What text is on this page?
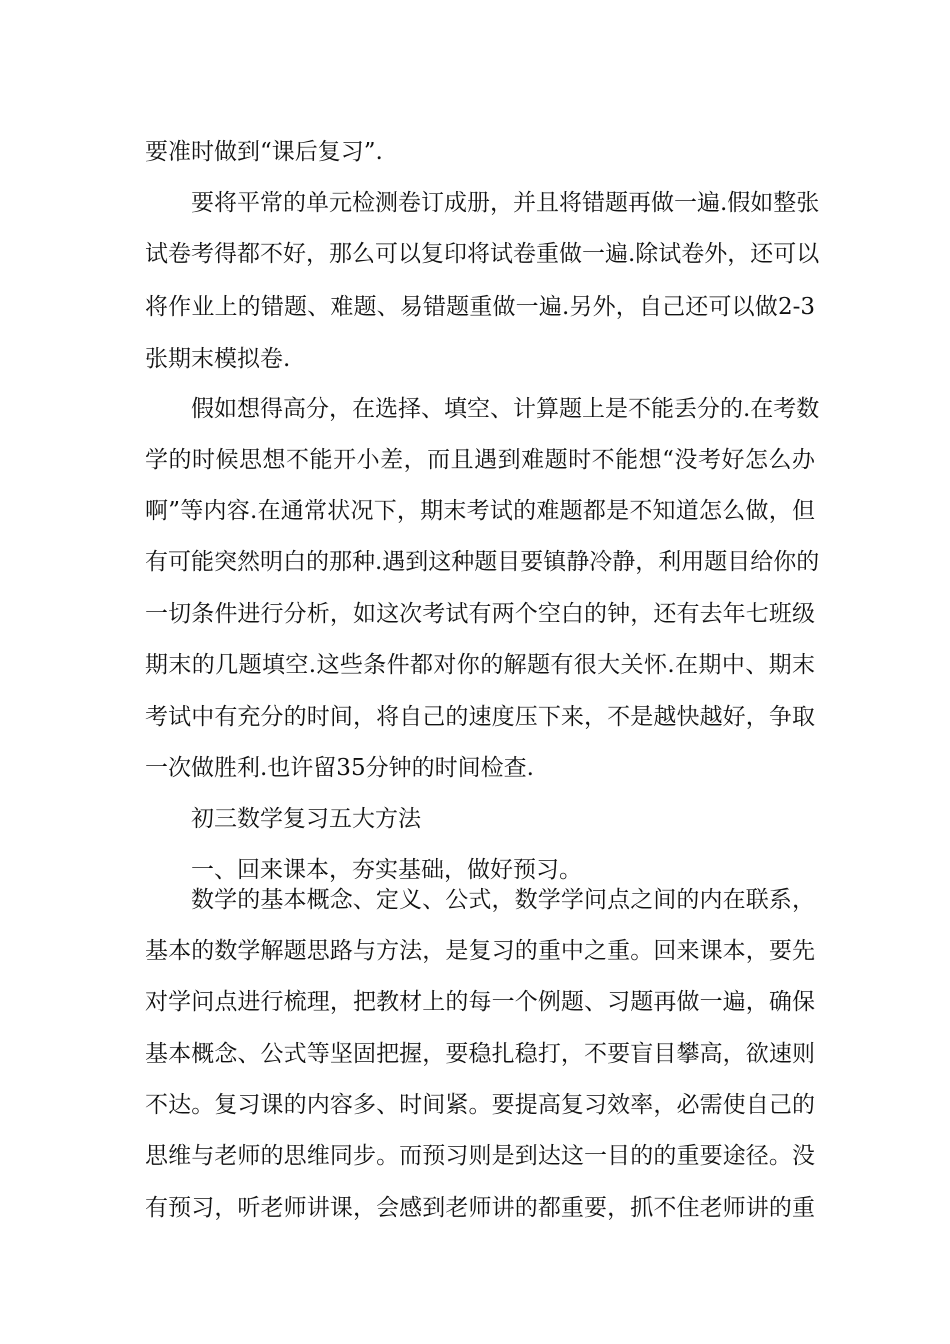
要准时做到“课后复习”.
要将平常的单元检测卷订成册，并且将错题再做一遍.假如整张
试卷考得都不好，那么可以复印将试卷重做一遍.除试卷外，还可以
将作业上的错题、难题、易错题重做一遍.另外，自己还可以做2-3
张期末模拟卷.
假如想得高分，在选择、填空、计算题上是不能丢分的.在考数
学的时候思想不能开小差，而且遇到难题时不能想“没考好怎么办
啊”等内容.在通常状况下，期末考试的难题都是不知道怎么做，但
有可能突然明白的那种.遇到这种题目要镇静冷静，利用题目给你的
一切条件进行分析，如这次考试有两个空白的钟，还有去年七班级
期末的几题填空.这些条件都对你的解题有很大关怀.在期中、期末
考试中有充分的时间，将自己的速度压下来，不是越快越好，争取
一次做胜利.也许留35分钟的时间检查.
初三数学复习五大方法
一、回来课本，夯实基础，做好预习。
数学的基本概念、定义、公式，数学学问点之间的内在联系，
基本的数学解题思路与方法，是复习的重中之重。回来课本，要先
对学问点进行梳理，把教材上的每一个例题、习题再做一遍，确保
基本概念、公式等坚固把握，要稳扎稳打，不要盲目攀高，欲速则
不达。复习课的内容多、时间紧。要提高复习效率，必需使自己的
思维与老师的思维同步。而预习则是到达这一目的的重要途径。没
有预习，听老师讲课，会感到老师讲的都重要，抓不住老师讲的重
